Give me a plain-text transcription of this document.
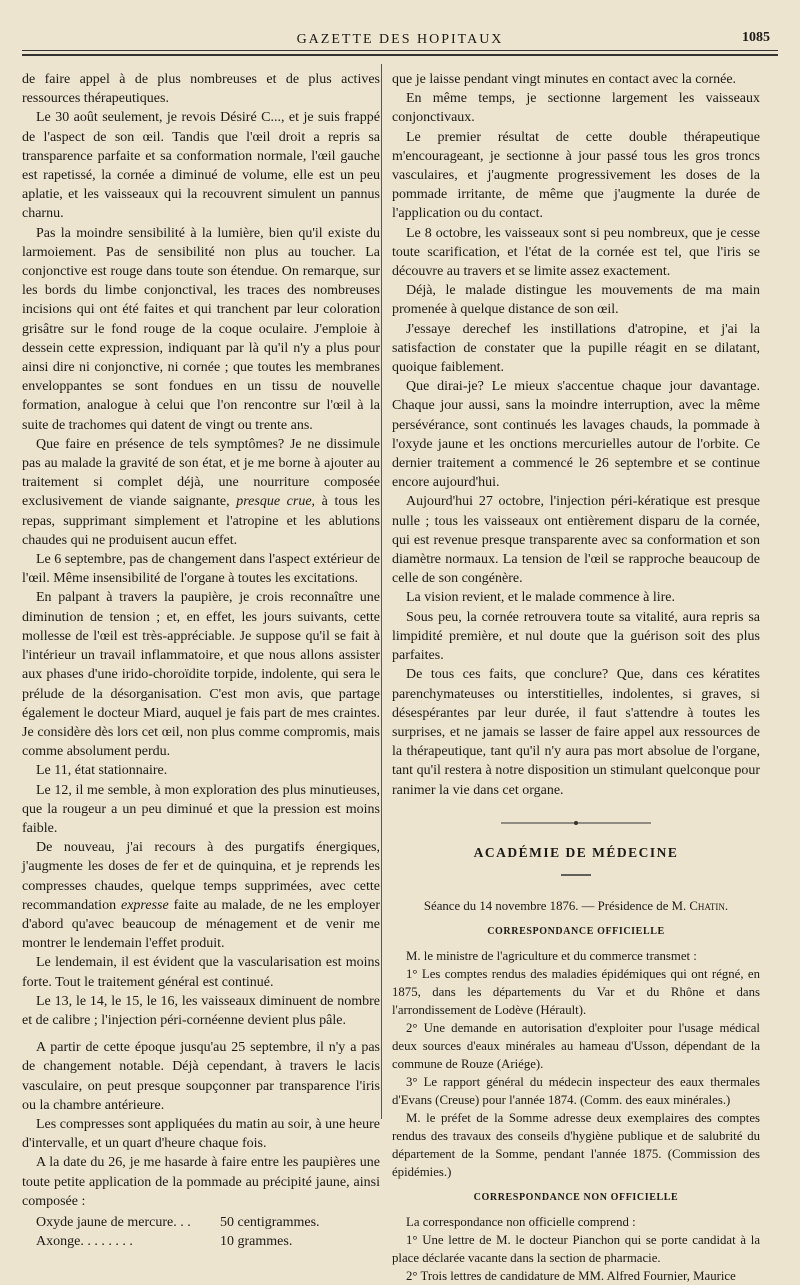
GAZETTE DES HOPITAUX	1085

de faire appel à de plus nombreuses et de plus actives ressources thérapeutiques.

Le 30 août seulement, je revois Désiré C..., et je suis frappé de l'aspect de son œil. Tandis que l'œil droit a repris sa transparence parfaite et sa conformation normale, l'œil gauche est rapetissé, la cornée a diminué de volume, elle est un peu aplatie, et les vaisseaux qui la recouvrent simulent un pannus charnu.

Pas la moindre sensibilité à la lumière, bien qu'il existe du larmoiement. Pas de sensibilité non plus au toucher. La conjonctive est rouge dans toute son étendue. On remarque, sur les bords du limbe conjonctival, les traces des nombreuses incisions qui ont été faites et qui tranchent par leur coloration grisâtre sur le fond rouge de la coque oculaire. J'emploie à dessein cette expression, indiquant par là qu'il n'y a plus pour ainsi dire ni conjonctive, ni cornée ; que toutes les membranes enveloppantes se sont fondues en un tissu de nouvelle formation, analogue à celui que l'on rencontre sur l'œil à la suite de trachomes qui datent de vingt ou trente ans.

Que faire en présence de tels symptômes? Je ne dissimule pas au malade la gravité de son état, et je me borne à ajouter au traitement si complet déjà, une nourriture composée exclusivement de viande saignante, presque crue, à tous les repas, supprimant simplement et l'atropine et les ablutions chaudes qui ne produisent aucun effet.

Le 6 septembre, pas de changement dans l'aspect extérieur de l'œil. Même insensibilité de l'organe à toutes les excitations.

En palpant à travers la paupière, je crois reconnaître une diminution de tension ; et, en effet, les jours suivants, cette mollesse de l'œil est très-appréciable. Je suppose qu'il se fait à l'intérieur un travail inflammatoire, et que nous allons assister aux phases d'une irido-choroïdite torpide, indolente, qui sera le prélude de la désorganisation. C'est mon avis, que partage également le docteur Miard, auquel je fais part de mes craintes. Je considère dès lors cet œil, non plus comme compromis, mais comme absolument perdu.

Le 11, état stationnaire.

Le 12, il me semble, à mon exploration des plus minutieuses, que la rougeur a un peu diminué et que la pression est moins faible.

De nouveau, j'ai recours à des purgatifs énergiques, j'augmente les doses de fer et de quinquina, et je reprends les compresses chaudes, quelque temps supprimées, avec cette recommandation expresse faite au malade, de ne les employer d'abord qu'avec beaucoup de ménagement et de venir me montrer le lendemain l'effet produit.

Le lendemain, il est évident que la vascularisation est moins forte. Tout le traitement général est continué.

Le 13, le 14, le 15, le 16, les vaisseaux diminuent de nombre et de calibre ; l'injection péri-cornéenne devient plus pâle.

A partir de cette époque jusqu'au 25 septembre, il n'y a pas de changement notable. Déjà cependant, à travers le lacis vasculaire, on peut presque soupçonner par transparence l'iris ou la chambre antérieure.

Les compresses sont appliquées du matin au soir, à une heure d'intervalle, et un quart d'heure chaque fois.

A la date du 26, je me hasarde à faire entre les paupières une toute petite application de la pommade au précipité jaune, ainsi composée :

Oxyde jaune de mercure. . .	50 centigrammes.
Axonge. . . . . . . .	10 grammes.

que je laisse pendant vingt minutes en contact avec la cornée.

En même temps, je sectionne largement les vaisseaux conjonctivaux.

Le premier résultat de cette double thérapeutique m'encourageant, je sectionne à jour passé tous les gros troncs vasculaires, et j'augmente progressivement les doses de la pommade irritante, de même que j'augmente la durée de l'application ou du contact.

Le 8 octobre, les vaisseaux sont si peu nombreux, que je cesse toute scarification, et l'état de la cornée est tel, que l'iris se découvre au travers et se limite assez exactement.

Déjà, le malade distingue les mouvements de ma main promenée à quelque distance de son œil.

J'essaye derechef les instillations d'atropine, et j'ai la satisfaction de constater que la pupille réagit en se dilatant, quoique faiblement.

Que dirai-je? Le mieux s'accentue chaque jour davantage. Chaque jour aussi, sans la moindre interruption, avec la même persévérance, sont continués les lavages chauds, la pommade à l'oxyde jaune et les onctions mercurielles autour de l'orbite. Ce dernier traitement a commencé le 26 septembre et se continue encore aujourd'hui.

Aujourd'hui 27 octobre, l'injection péri-kératique est presque nulle ; tous les vaisseaux ont entièrement disparu de la cornée, qui est revenue presque transparente avec sa conformation et son diamètre normaux. La tension de l'œil se rapproche beaucoup de celle de son congénère.

La vision revient, et le malade commence à lire.

Sous peu, la cornée retrouvera toute sa vitalité, aura repris sa limpidité première, et nul doute que la guérison soit des plus parfaites.

De tous ces faits, que conclure? Que, dans ces kératites parenchymateuses ou interstitielles, indolentes, si graves, si désespérantes par leur durée, il faut s'attendre à toutes les surprises, et ne jamais se lasser de faire appel aux ressources de la thérapeutique, tant qu'il n'y aura pas mort absolue de l'organe, tant qu'il restera à notre disposition un stimulant quelconque pour ranimer la vie dans cet organe.

ACADÉMIE DE MÉDECINE
Séance du 14 novembre 1876. — Présidence de M. Chatin.
CORRESPONDANCE OFFICIELLE

M. le ministre de l'agriculture et du commerce transmet :

1° Les comptes rendus des maladies épidémiques qui ont régné, en 1875, dans les départements du Var et du Rhône et dans l'arrondissement de Lodève (Hérault).

2° Une demande en autorisation d'exploiter pour l'usage médical deux sources d'eaux minérales au hameau d'Usson, dépendant de la commune de Rouze (Ariége).

3° Le rapport général du médecin inspecteur des eaux thermales d'Evans (Creuse) pour l'année 1874. (Comm. des eaux minérales.)

M. le préfet de la Somme adresse deux exemplaires des comptes rendus des travaux des conseils d'hygiène publique et de salubrité du département de la Somme, pendant l'année 1875. (Commission des épidémies.)

CORRESPONDANCE NON OFFICIELLE

La correspondance non officielle comprend :

1° Une lettre de M. le docteur Pianchon qui se porte candidat à la place déclarée vacante dans la section de pharmacie.

2° Trois lettres de candidature de MM. Alfred Fournier, Maurice
